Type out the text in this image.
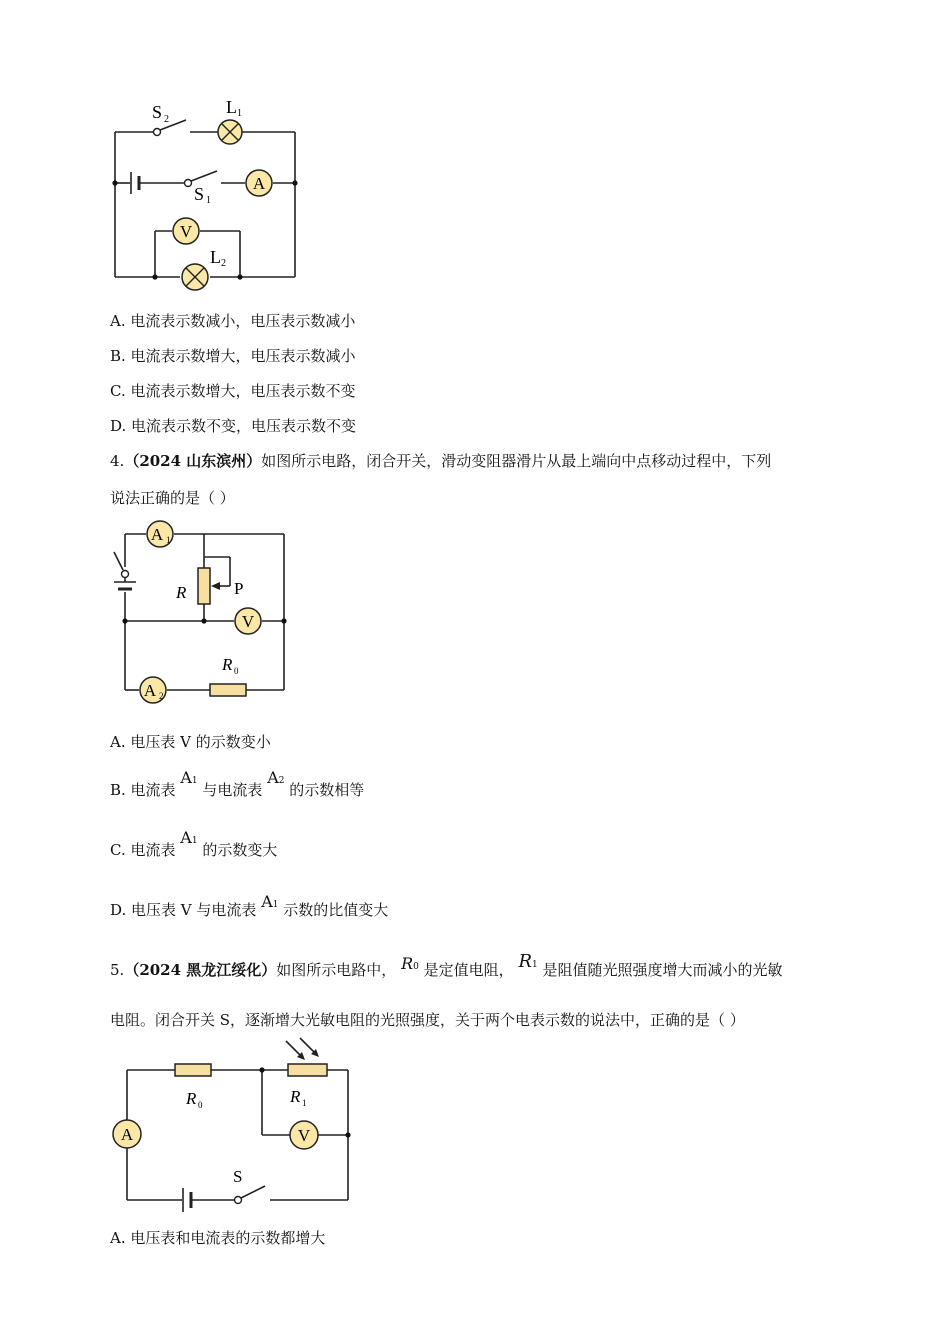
A
V
S 2
L 1
S 1
L 2
A. 电流表示数减小，电压表示数减小
B. 电流表示数增大，电压表示数减小
C. 电流表示数增大，电压表示数不变
D. 电流表示数不变，电压表示数不变
4.（2024 山东滨州）如图所示电路，闭合开关，滑动变阻器滑片从最上端向中点移动过程中，下列
说法正确的是（ ）
A 1
V
A 2
R	P
R 0
A. 电压表 V 的示数变小
B. 电流表 A1 与电流表 A2 的示数相等
C. 电流表 A1 的示数变大
D. 电压表 V 与电流表 A1 示数的比值变大
5.（2024 黑龙江绥化）如图所示电路中， R0 是定值电阻， R1 是阻值随光照强度增大而减小的光敏
电阻。闭合开关 S，逐渐增大光敏电阻的光照强度，关于两个电表示数的说法中，正确的是（ ）
A	V
R 0	R 1
S
A. 电压表和电流表的示数都增大
